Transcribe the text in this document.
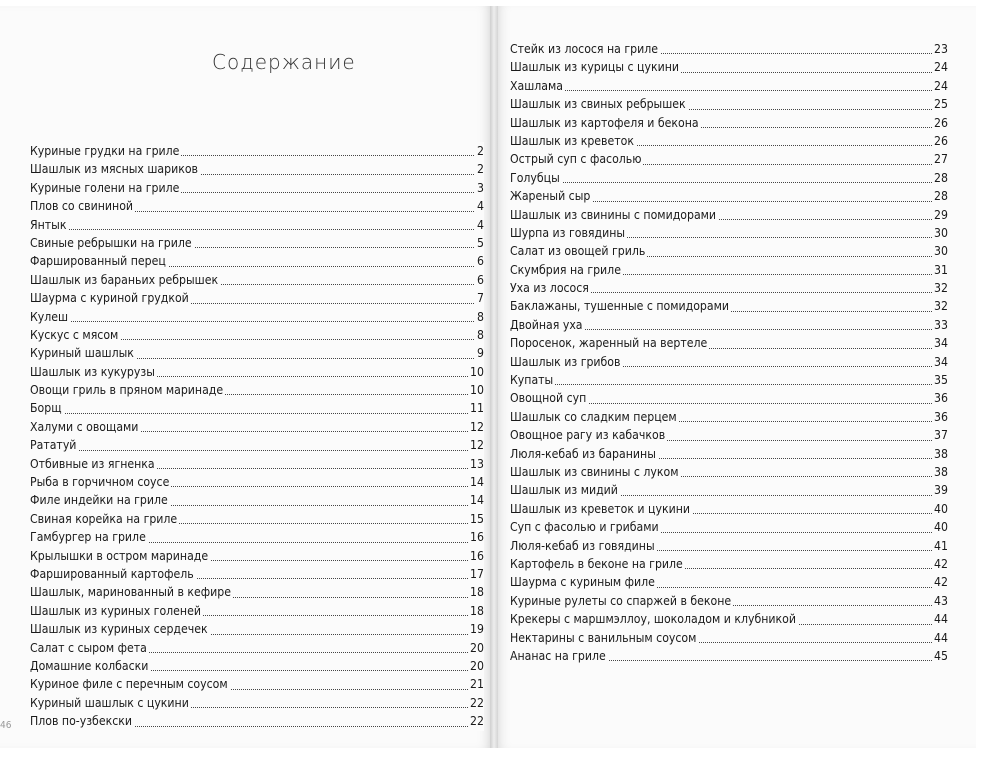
Содержание
46
Куриные грудки на гриле	2
Шашлык из мясных шариков	2
Куриные голени на гриле	3
Плов со свининой	4
Янтык	4
Свиные ребрышки на гриле	5
Фаршированный перец	6
Шашлык из бараньих ребрышек	6
Шаурма с куриной грудкой	7
Кулеш	8
Кускус с мясом	8
Куриный шашлык	9
Шашлык из кукурузы	10
Овощи гриль в пряном маринаде	10
Борщ	11
Халуми с овощами	12
Рататуй	12
Отбивные из ягненка	13
Рыба в горчичном соусе	14
Филе индейки на гриле	14
Свиная корейка на гриле	15
Гамбургер на гриле	16
Крылышки в остром маринаде	16
Фаршированный картофель	17
Шашлык, маринованный в кефире	18
Шашлык из куриных голеней	18
Шашлык из куриных сердечек	19
Салат с сыром фета	20
Домашние колбаски	20
Куриное филе с перечным соусом	21
Куриный шашлык с цукини	22
Плов по-узбекски	22
Стейк из лосося на гриле	23
Шашлык из курицы с цукини	24
Хашлама	24
Шашлык из свиных ребрышек	25
Шашлык из картофеля и бекона	26
Шашлык из креветок	26
Острый суп с фасолью	27
Голубцы	28
Жареный сыр	28
Шашлык из свинины с помидорами	29
Шурпа из говядины	30
Салат из овощей гриль	30
Скумбрия на гриле	31
Уха из лосося	32
Баклажаны, тушенные с помидорами	32
Двойная уха	33
Поросенок, жаренный на вертеле	34
Шашлык из грибов	34
Купаты	35
Овощной суп	36
Шашлык со сладким перцем	36
Овощное рагу из кабачков	37
Люля-кебаб из баранины	38
Шашлык из свинины с луком	38
Шашлык из мидий	39
Шашлык из креветок и цукини	40
Суп с фасолью и грибами	40
Люля-кебаб из говядины	41
Картофель в беконе на гриле	42
Шаурма с куриным филе	42
Куриные рулеты со спаржей в беконе	43
Крекеры с маршмэллоу, шоколадом и клубникой	44
Нектарины с ванильным соусом	44
Ананас на гриле	45
